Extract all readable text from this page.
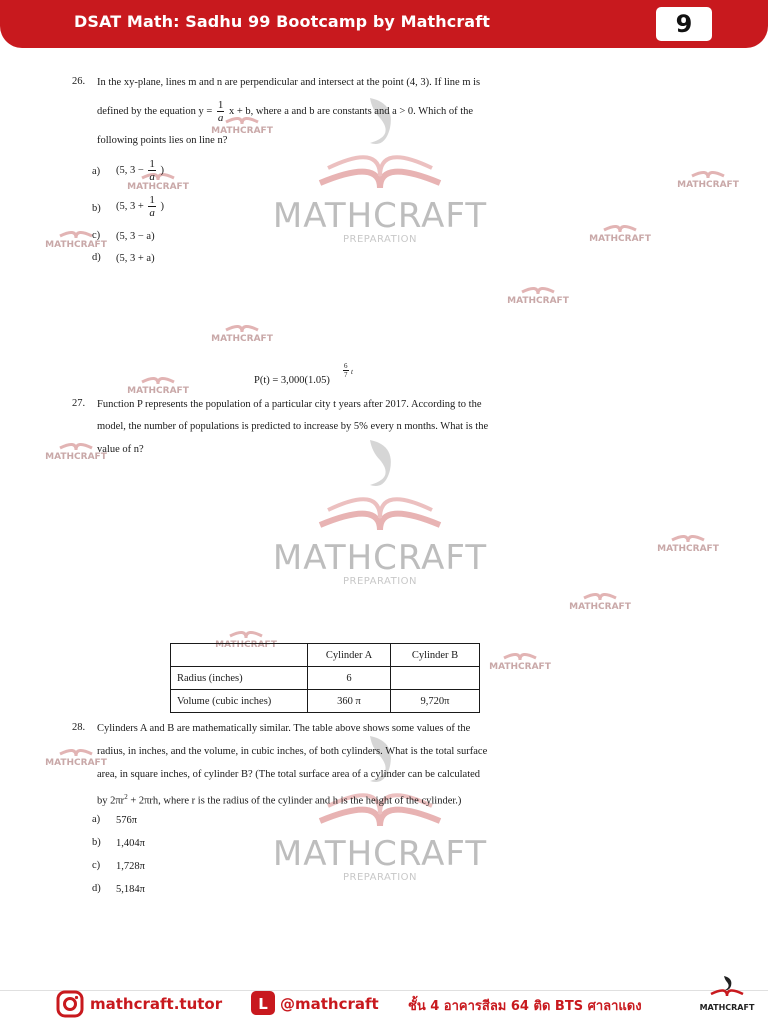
DSAT Math: Sadhu 99 Bootcamp by Mathcraft	9
MATHCRAFT
PREPARATION
MATHCRAFT
PREPARATION
MATHCRAFT
PREPARATION
MATHCRAFT
MATHCRAFT	MATHCRAFT
MATHCRAFT
MATHCRAFT
MATHCRAFT
MATHCRAFT
MATHCRAFT
MATHCRAFT
MATHCRAFT
MATHCRAFT
MATHCRAFT
MATHCRAFT
MATHCRAFT
26. In the xy-plane, lines m and n are perpendicular and intersect at the point (4, 3). If line m is
defined by the equation $y = \frac{1}{a}$ x + b, where a and b are constants and a > 0. Which of the
following points lies on line n?
a) (5, $3 - \frac{1}{a}$ )
b) (5, $3 + \frac{1}{a}$ )
c) (5, 3 − a)
d) (5, 3 + a)
P(t) = 3,000(1.05)
$\frac{6}{7}$ t
27. Function P represents the population of a particular city t years after 2017. According to the
model, the number of populations is predicted to increase by 5% every n months. What is the
value of n?
	Cylinder A	Cylinder B
Radius (inches)	6	
Volume (cubic inches)	360 π	9,720π
28. Cylinders A and B are mathematically similar. The table above shows some values of the
radius, in inches, and the volume, in cubic inches, of both cylinders. What is the total surface
area, in square inches, of cylinder B? (The total surface area of a cylinder can be calculated
by $2\pi r^2 + 2\pi rh$, where r is the radius of the cylinder and h is the height of the cylinder.)
a) 576π
b) 1,404π
c) 1,728π
d) 5,184π
mathcraft.tutor L @mathcraft ชั้น 4 อาคารสีลม 64 ติด BTS ศาลาแดง	MATHCRAFT
